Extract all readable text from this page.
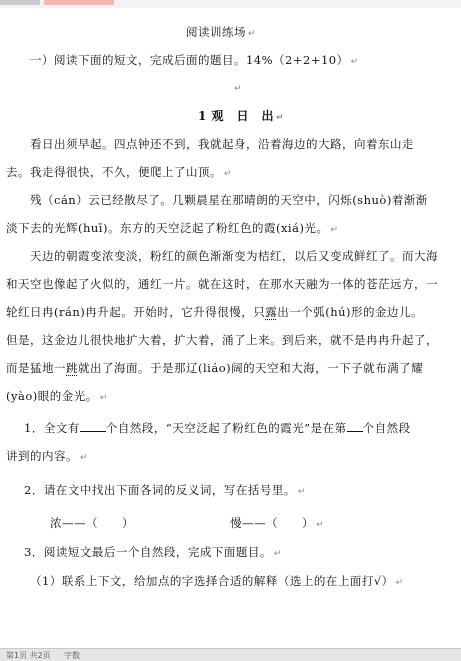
阅读训练场 ↵
一）阅读下面的短文，完成后面的题目。14%（2+2+10） ↵
↵
1 观　日　出 ↵
看日出须早起。四点钟还不到，我就起身，沿着海边的大路，向着东山走
去。我走得很快，不久，便爬上了山顶。 ↵
残（cán）云已经散尽了。几颗晨星在那晴朗的天空中，闪烁(shuò)着渐渐
淡下去的光辉(huī)。东方的天空泛起了粉红色的霞(xiá)光。 ↵
天边的朝霞变浓变淡，粉红的颜色渐渐变为桔红，以后又变成鲜红了。而大海
和天空也像起了火似的，通红一片。就在这时，在那水天融为一体的苍茫远方，一
轮红日冉(rán)冉升起。开始时，它升得很慢，只露出一个弧(hú)形的金边儿。
但是，这金边儿很快地扩大着，扩大着，涌了上来。到后来，就不是冉冉升起了，
而是猛地一跳就出了海面。于是那辽(liáo)阔的天空和大海，一下子就布满了耀
(yào)眼的金光。 ↵
1．全文有 个自然段，“天空泛起了粉红色的霞光”是在第 个自然段
讲到的内容。 ↵
2．请在文中找出下面各词的反义词，写在括号里。 ↵
浓——（　　）	慢——（　　） ↵
3．阅读短文最后一个自然段，完成下面题目。 ↵
（1）联系上下文，给加点的字选择合适的解释（选上的在上面打√） ↵
第1页 共2页 字数
